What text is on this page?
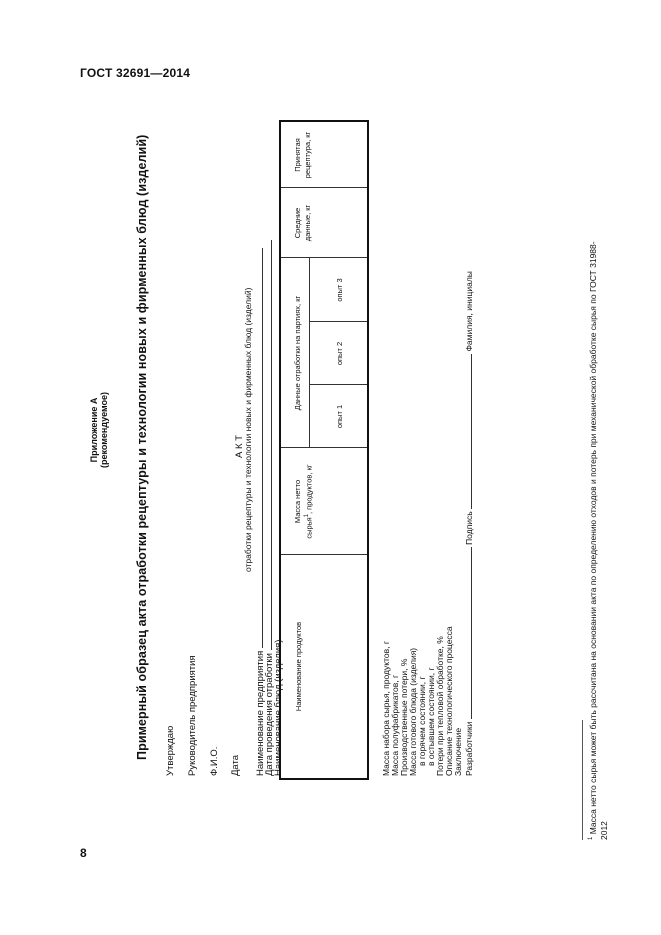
ГОСТ 32691—2014
8
Приложение А (рекомендуемое) Примерный образец акта отработки рецептуры и технологии новых и фирменных блюд (изделий) Утверждаю Руководитель предприятия Ф.И.О. Дата
А К Т
отработки рецептуры и технологии новых и фирменных блюд (изделий)
Наименование предприятия
Дата проведения отработки
Наименование блюд (изделия) Наименование продуктов
Масса нетто
сырья$^1$, продуктов, кг
Данные отработки на партиях, кг
опыт 1
опыт 2
опыт 3
Средние
данные, кг
Принятая
рецептура, кг
Масса набора сырья, продуктов, г Масса полуфабрикатов, г Производственные потери, % Масса готового блюда (изделия) в горячем состоянии, г в остывшем состоянии, г Потери при тепловой обработке, % Описание технологического процесса Заключение Разработчики  Подпись  Фамилия, инициалы
$^1$ Масса нетто сырья может быть рассчитана на основании акта по определению отходов и потерь при механической обработке сырья по ГОСТ 31988- 2012
